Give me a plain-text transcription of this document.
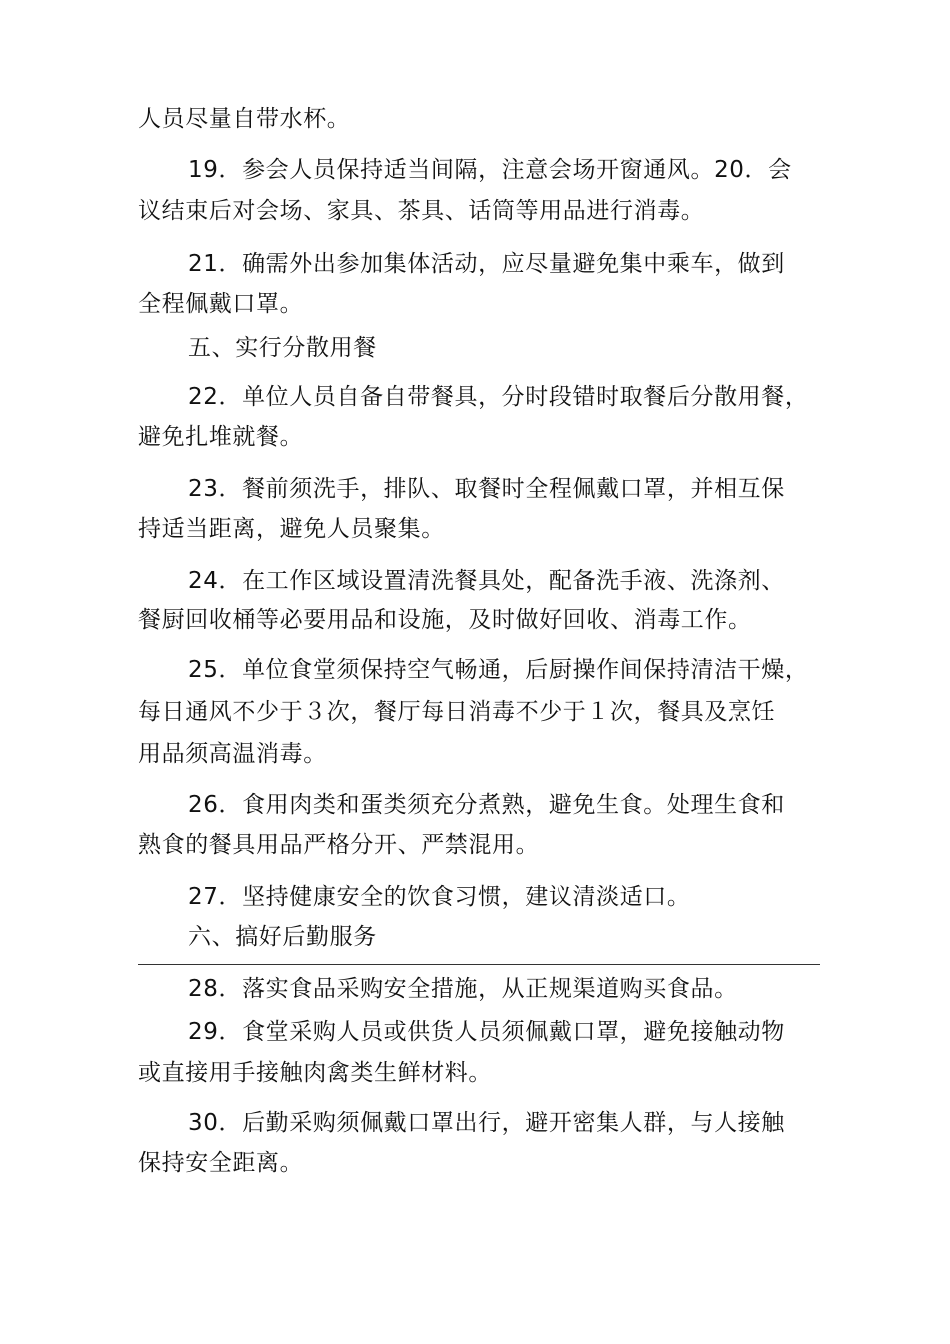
人员尽量自带水杯。
19．参会人员保持适当间隔，注意会场开窗通风。20．会
议结束后对会场、家具、茶具、话筒等用品进行消毒。
21．确需外出参加集体活动，应尽量避免集中乘车，做到
全程佩戴口罩。
五、实行分散用餐
22．单位人员自备自带餐具，分时段错时取餐后分散用餐，
避免扎堆就餐。
23．餐前须洗手，排队、取餐时全程佩戴口罩，并相互保
持适当距离，避免人员聚集。
24．在工作区域设置清洗餐具处，配备洗手液、洗涤剂、
餐厨回收桶等必要用品和设施，及时做好回收、消毒工作。
25．单位食堂须保持空气畅通，后厨操作间保持清洁干燥，
每日通风不少于３次，餐厅每日消毒不少于１次，餐具及烹饪
用品须高温消毒。
26．食用肉类和蛋类须充分煮熟，避免生食。处理生食和
熟食的餐具用品严格分开、严禁混用。
27．坚持健康安全的饮食习惯，建议清淡适口。
六、搞好后勤服务
28．落实食品采购安全措施，从正规渠道购买食品。
29．食堂采购人员或供货人员须佩戴口罩，避免接触动物
或直接用手接触肉禽类生鲜材料。
30．后勤采购须佩戴口罩出行，避开密集人群，与人接触
保持安全距离。
